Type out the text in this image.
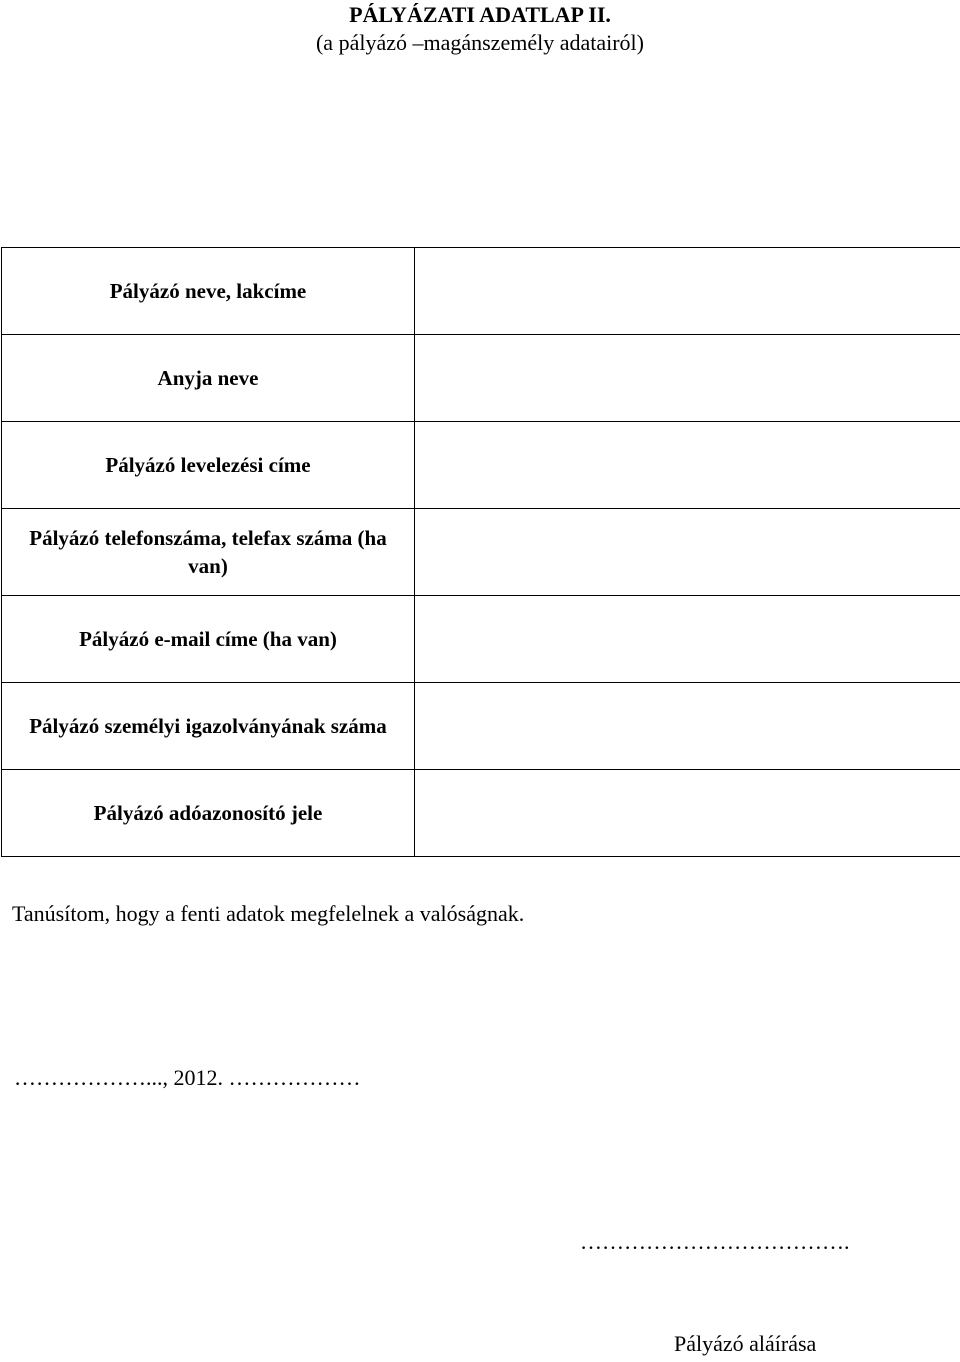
PÁLYÁZATI ADATLAP II.
(a pályázó –magánszemély adatairól)
Pályázó neve, lakcíme	
Anyja neve	
Pályázó levelezési címe	
Pályázó telefonszáma, telefax száma (ha van)	
Pályázó e-mail címe (ha van)	
Pályázó személyi igazolványának száma	
Pályázó adóazonosító jele	
Tanúsítom, hogy a fenti adatok megfelelnek a valóságnak.
………………..., 2012. ………………
……………………………….
Pályázó aláírása
